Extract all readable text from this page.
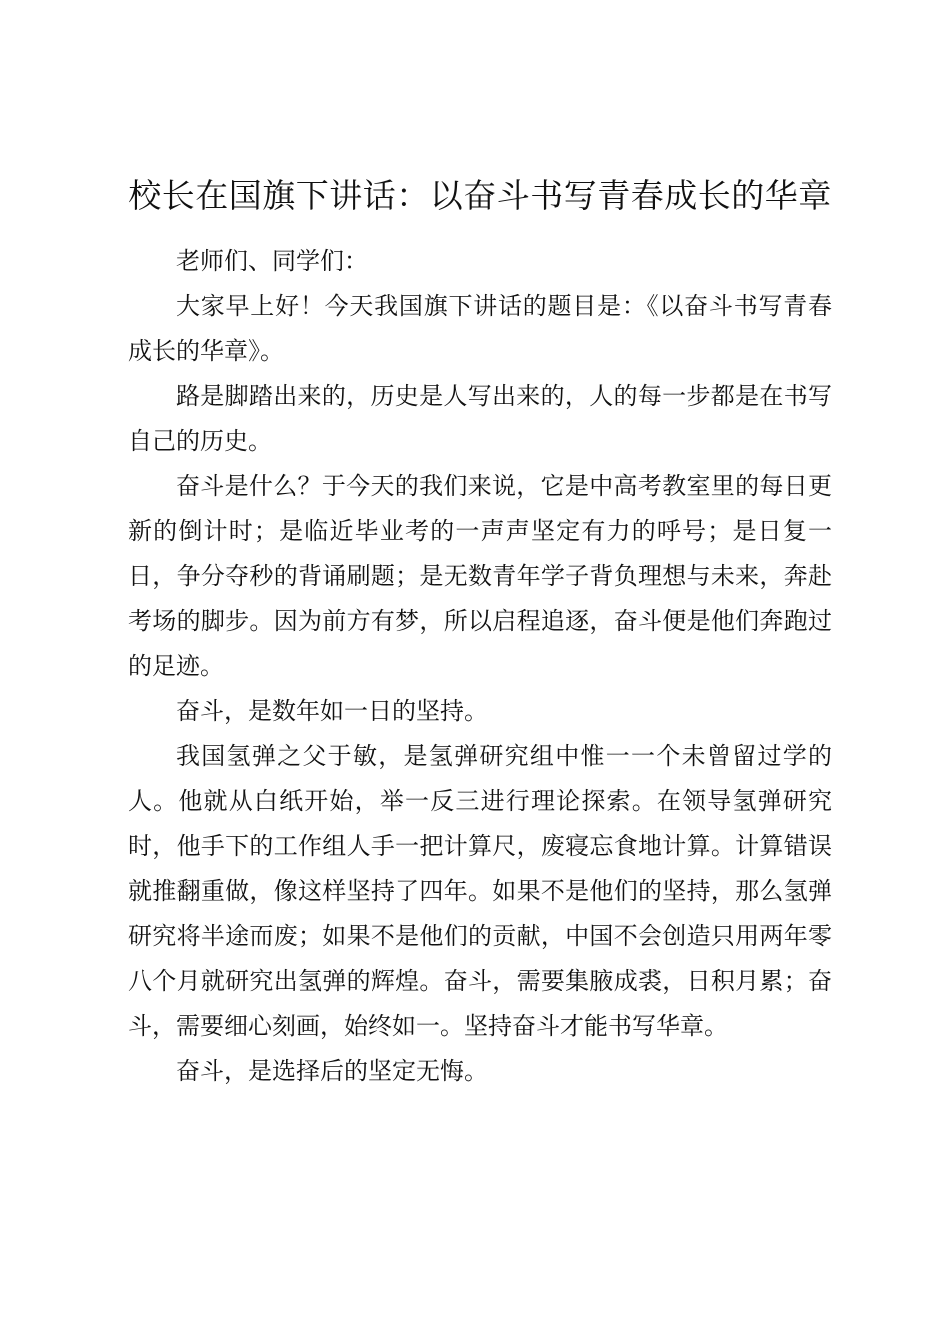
校长在国旗下讲话：以奋斗书写青春成长的华章

老师们、同学们：

大家早上好！今天我国旗下讲话的题目是：《以奋斗书写青春成长的华章》。

路是脚踏出来的，历史是人写出来的，人的每一步都是在书写自己的历史。

奋斗是什么？于今天的我们来说，它是中高考教室里的每日更新的倒计时；是临近毕业考的一声声坚定有力的呼号；是日复一日，争分夺秒的背诵刷题；是无数青年学子背负理想与未来，奔赴考场的脚步。因为前方有梦，所以启程追逐，奋斗便是他们奔跑过的足迹。

奋斗，是数年如一日的坚持。

我国氢弹之父于敏，是氢弹研究组中惟一一个未曾留过学的人。他就从白纸开始，举一反三进行理论探索。在领导氢弹研究时，他手下的工作组人手一把计算尺，废寝忘食地计算。计算错误就推翻重做，像这样坚持了四年。如果不是他们的坚持，那么氢弹研究将半途而废；如果不是他们的贡献，中国不会创造只用两年零八个月就研究出氢弹的辉煌。奋斗，需要集腋成裘，日积月累；奋斗，需要细心刻画，始终如一。坚持奋斗才能书写华章。

奋斗，是选择后的坚定无悔。
